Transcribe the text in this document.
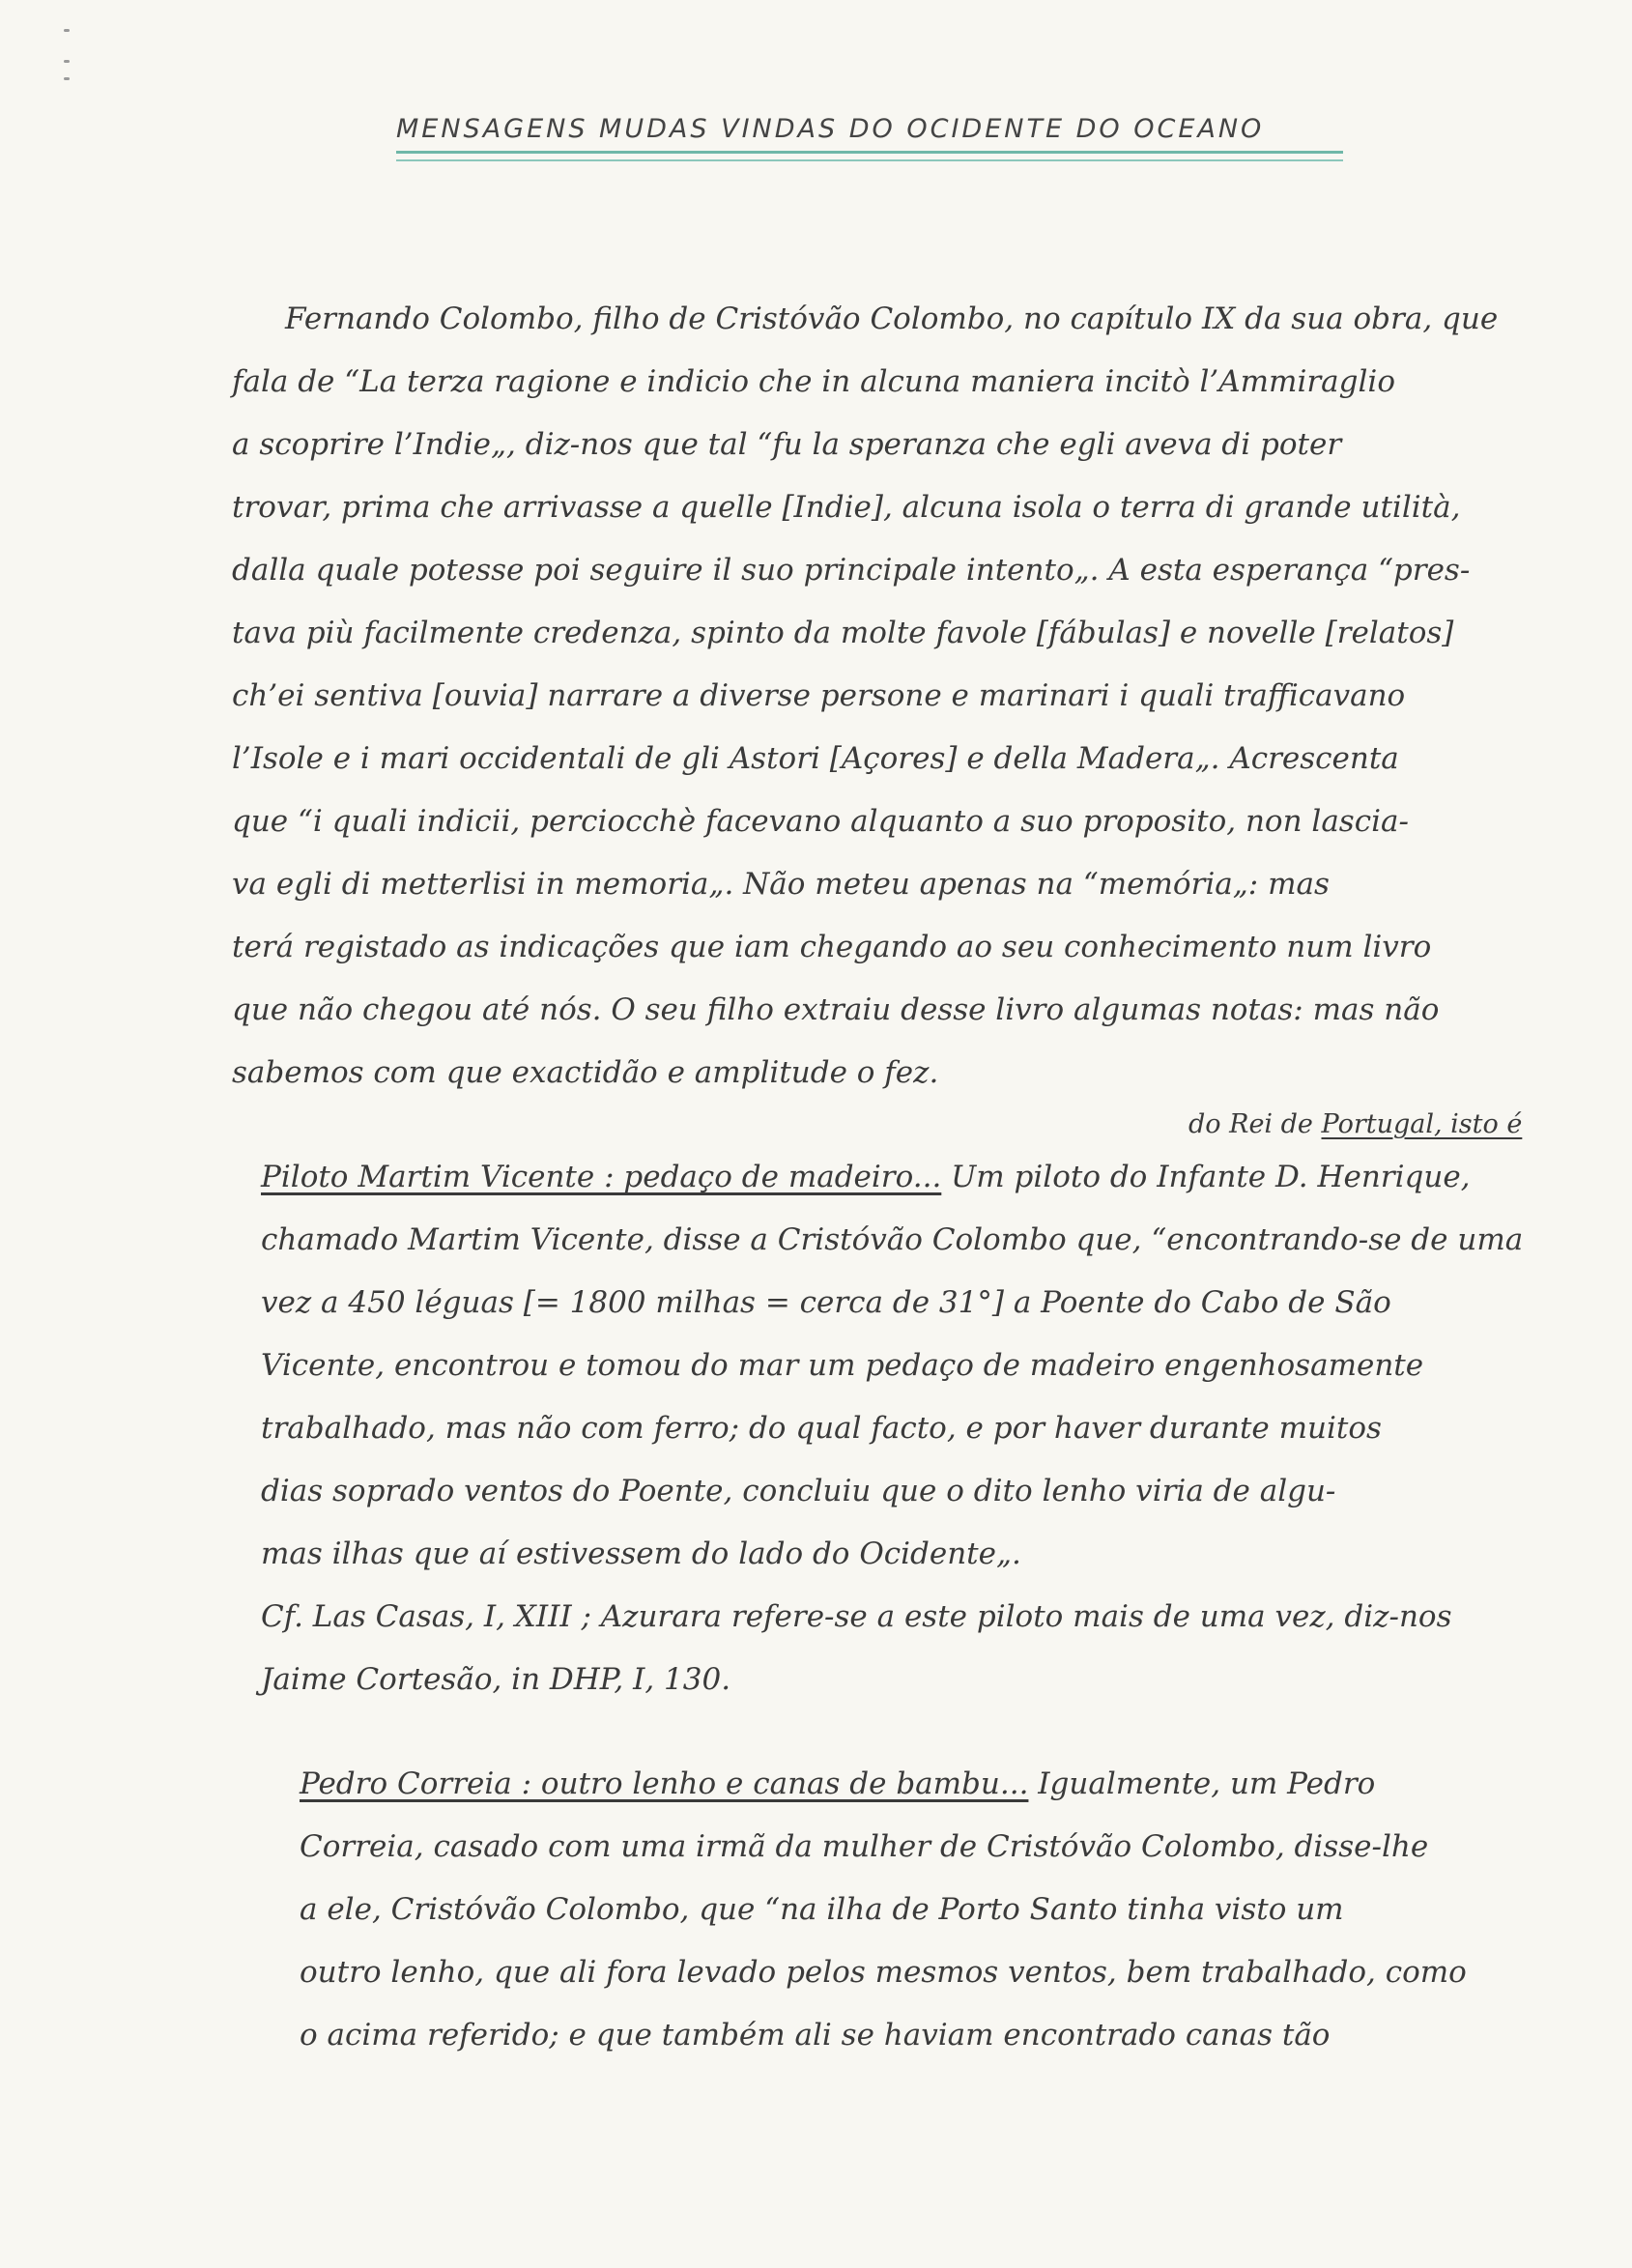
MENSAGENS MUDAS VINDAS DO OCIDENTE DO OCEANO
Fernando Colombo, filho de Cristóvão Colombo, no capítulo IX da sua obra, que
fala de “La terza ragione e indicio che in alcuna maniera incitò l’Ammiraglio
a scoprire l’Indie„, diz-nos que tal “fu la speranza che egli aveva di poter
trovar, prima che arrivasse a quelle [Indie], alcuna isola o terra di grande utilità,
dalla quale potesse poi seguire il suo principale intento„. A esta esperança “pres-
tava più facilmente credenza, spinto da molte favole [fábulas] e novelle [relatos]
ch’ei sentiva [ouvia] narrare a diverse persone e marinari i quali trafficavano
l’Isole e i mari occidentali de gli Astori [Açores] e della Madera„. Acrescenta
que “i quali indicii, perciocchè facevano alquanto a suo proposito, non lascia-
va egli di metterlisi in memoria„. Não meteu apenas na “memória„: mas
terá registado as indicações que iam chegando ao seu conhecimento num livro
que não chegou até nós. O seu filho extraiu desse livro algumas notas: mas não
sabemos com que exactidão e amplitude o fez.
do Rei de Portugal, isto é
Piloto Martim Vicente : pedaço de madeiro... Um piloto do Infante D. Henrique,
chamado Martim Vicente, disse a Cristóvão Colombo que, “encontrando-se de uma
vez a 450 léguas [= 1800 milhas = cerca de 31°] a Poente do Cabo de São
Vicente, encontrou e tomou do mar um pedaço de madeiro engenhosamente
trabalhado, mas não com ferro; do qual facto, e por haver durante muitos
dias soprado ventos do Poente, concluiu que o dito lenho viria de algu-
mas ilhas que aí estivessem do lado do Ocidente„.
Cf. Las Casas, I, XIII ; Azurara refere-se a este piloto mais de uma vez, diz-nos
Jaime Cortesão, in DHP, I, 130.
Pedro Correia : outro lenho e canas de bambu... Igualmente, um Pedro
Correia, casado com uma irmã da mulher de Cristóvão Colombo, disse-lhe
a ele, Cristóvão Colombo, que “na ilha de Porto Santo tinha visto um
outro lenho, que ali fora levado pelos mesmos ventos, bem trabalhado, como
o acima referido; e que também ali se haviam encontrado canas tão
